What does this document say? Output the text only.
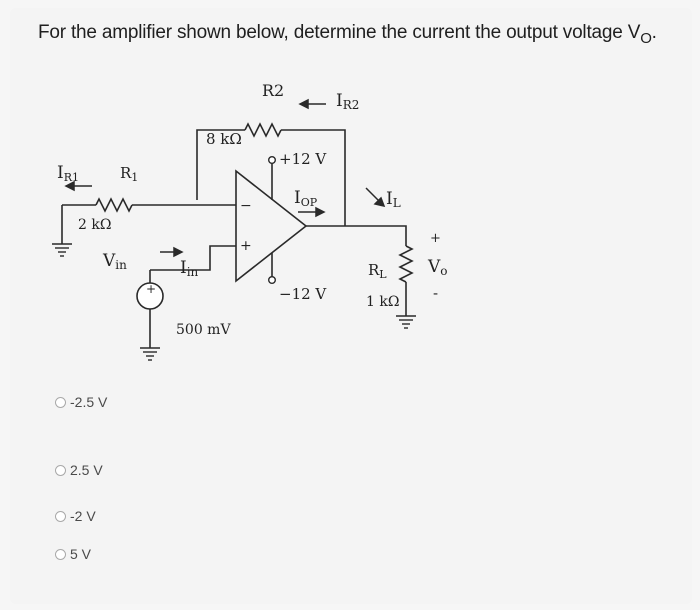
For the amplifier shown below, determine the current the output voltage $V_O$.
R2
8 kΩ
IR2
IR1	$R_1$
2 kΩ
Vin	Iin
+
500 mV
+12 V
−12 V
IOP
−
+
IL
$R_L$
1 kΩ
+
Vo
-
-2.5 V
2.5 V
-2 V
5 V
